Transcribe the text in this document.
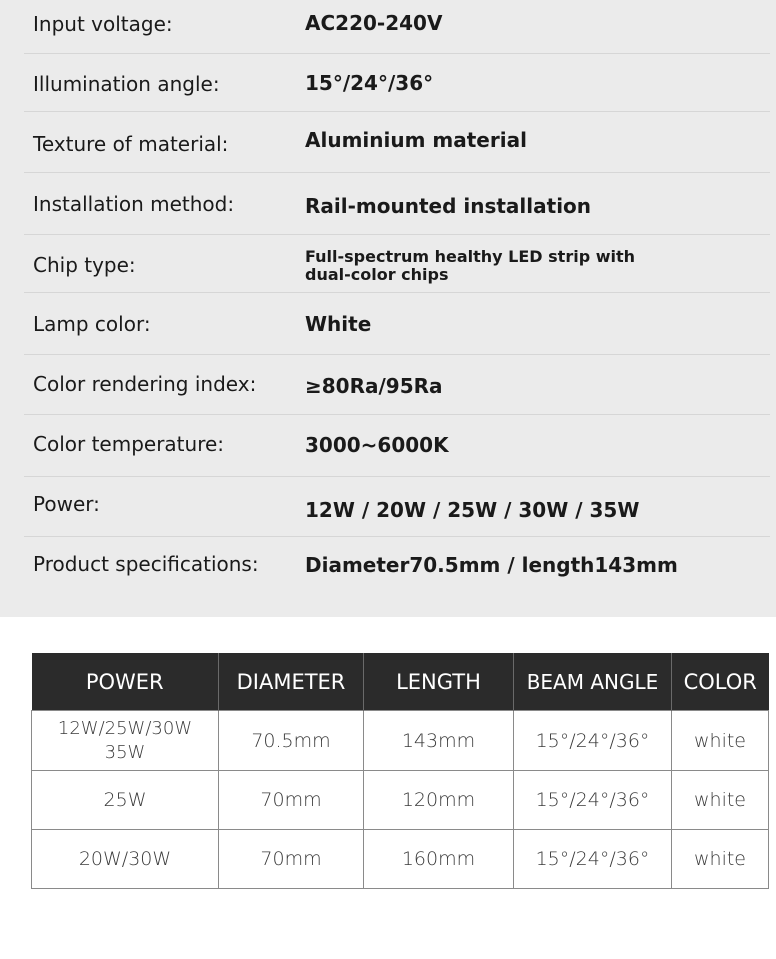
Input voltage:	AC220-240V
Illumination angle:	15°/24°/36°
Texture of material:	Aluminium material
Installation method:	Rail-mounted installation
Chip type:	Full-spectrum healthy LED strip with dual-color chips
Lamp color:	White
Color rendering index: ≥80Ra/95Ra
Color temperature:	3000~6000K
Power:	12W / 20W / 25W / 30W / 35W
Product specifications: Diameter70.5mm / length143mm
POWER	DIAMETER	LENGTH	BEAM ANGLE	COLOR
12W/25W/30W 35W	70.5mm	143mm	15°/24°/36°	white
25W	70mm	120mm	15°/24°/36°	white
20W/30W	70mm	160mm	15°/24°/36°	white
